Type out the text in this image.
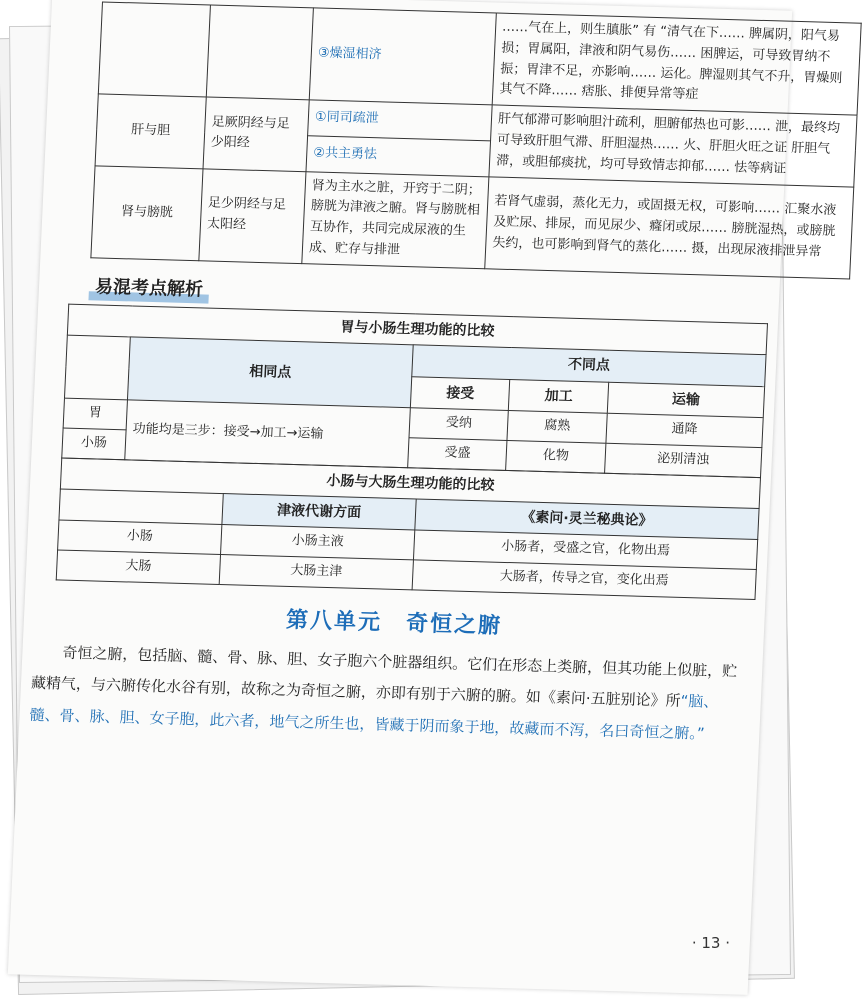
		③燥湿相济	……气在上，则生䐜胀” 有 “清气在下…… 脾属阴，阳气易损；胃属阳，津液和阴气易伤…… 困脾运，可导致胃纳不振；胃津不足，亦影响…… 运化。脾湿则其气不升，胃燥则其气不降…… 痞胀、排便异常等症
肝与胆	足厥阴经与足少阳经	①同司疏泄	肝气郁滞可影响胆汁疏利，胆腑郁热也可影…… 泄，最终均可导致肝胆气滞、肝胆湿热…… 火、肝胆火旺之证 肝胆气滞，或胆郁痰扰，均可导致情志抑郁…… 怯等病证
		②共主勇怯	
肾与膀胱	足少阴经与足太阳经	肾为主水之脏，开窍于二阴；膀胱为津液之腑。肾与膀胱相互协作，共同完成尿液的生成、贮存与排泄	若肾气虚弱，蒸化无力，或固摄无权，可影响…… 汇聚水液及贮尿、排尿，而见尿少、癃闭或尿…… 膀胱湿热，或膀胱失约，也可影响到肾气的蒸化…… 摄，出现尿液排泄异常
易混考点解析
胃与小肠生理功能的比较				
	相同点	不同点		
		接受	加工	运输
胃	功能均是三步：接受→加工→运输	受纳	腐熟	通降
小肠		受盛	化物	泌别清浊
小肠与大肠生理功能的比较		
	津液代谢方面	《素问·灵兰秘典论》
小肠	小肠主液	小肠者，受盛之官，化物出焉
大肠	大肠主津	大肠者，传导之官，变化出焉
第八单元　奇恒之腑
奇恒之腑，包括脑、髓、骨、脉、胆、女子胞六个脏器组织。它们在形态上类腑，但其功能上似脏，贮藏精气，与六腑传化水谷有别，故称之为奇恒之腑，亦即有别于六腑的腑。如《素问·五脏别论》所“脑、髓、骨、脉、胆、女子胞，此六者，地气之所生也，皆藏于阴而象于地，故藏而不泻，名曰奇恒之腑。”
· 13 ·
